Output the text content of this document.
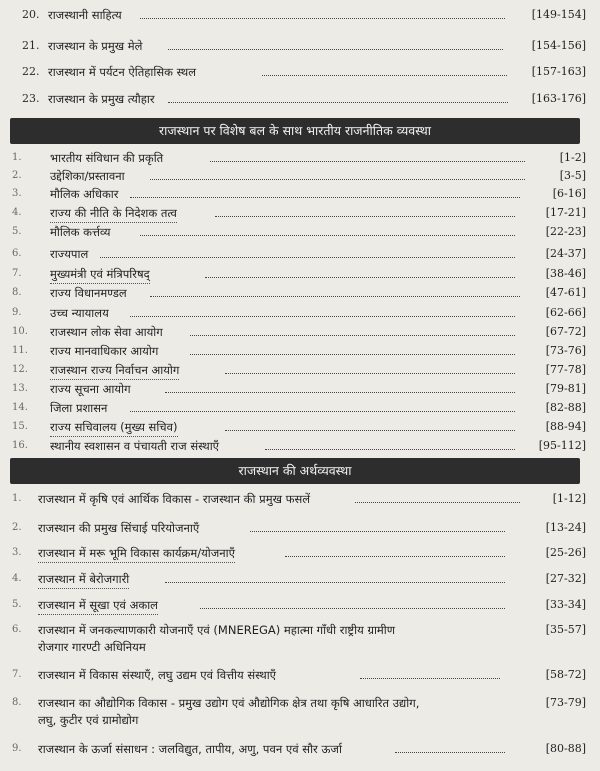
20. राजस्थानी साहित्य	[149-154]
21. राजस्थान के प्रमुख मेले	[154-156]
22. राजस्थान में पर्यटन ऐतिहासिक स्थल	[157-163]
23. राजस्थान के प्रमुख त्यौहार	[163-176]
राजस्थान पर विशेष बल के साथ भारतीय राजनीतिक व्यवस्था
1.	भारतीय संविधान की प्रकृति	[1-2]
2.	उद्देशिका/प्रस्तावना	[3-5]
3.	मौलिक अधिकार	[6-16]
4.	राज्य की नीति के निदेशक तत्व	[17-21]
5.	मौलिक कर्त्तव्य	[22-23]
6.	राज्यपाल	[24-37]
7.	मुख्यमंत्री एवं मंत्रिपरिषद्	[38-46]
8.	राज्य विधानमण्डल	[47-61]
9.	उच्च न्यायालय	[62-66]
10.	राजस्थान लोक सेवा आयोग	[67-72]
11.	राज्य मानवाधिकार आयोग	[73-76]
12.	राजस्थान राज्य निर्वाचन आयोग	[77-78]
13.	राज्य सूचना आयोग	[79-81]
14.	जिला प्रशासन	[82-88]
15.	राज्य सचिवालय (मुख्य सचिव)	[88-94]
16.	स्थानीय स्वशासन व पंचायती राज संस्थाएँ	[95-112]
राजस्थान की अर्थव्यवस्था
1.	राजस्थान में कृषि एवं आर्थिक विकास - राजस्थान की प्रमुख फसलें	[1-12]
2.	राजस्थान की प्रमुख सिंचाई परियोजनाएँ	[13-24]
3.	राजस्थान में मरू भूमि विकास कार्यक्रम/योजनाएँ	[25-26]
4.	राजस्थान में बेरोजगारी	[27-32]
5.	राजस्थान में सूखा एवं अकाल	[33-34]
6.	राजस्थान में जनकल्याणकारी योजनाएँ एवं (MNEREGA) महात्मा गाँधी राष्ट्रीय ग्रामीण	[35-57]
रोजगार गारण्टी अधिनियम
7.	राजस्थान में विकास संस्थाएँ, लघु उद्यम एवं वित्तीय संस्थाएँ	[58-72]
8.	राजस्थान का औद्योगिक विकास - प्रमुख उद्योग एवं औद्योगिक क्षेत्र तथा कृषि आधारित उद्योग,	[73-79]
लघु, कुटीर एवं ग्रामोद्योग
9.	राजस्थान के ऊर्जा संसाधन : जलविद्युत, तापीय, अणु, पवन एवं सौर ऊर्जा	[80-88]
